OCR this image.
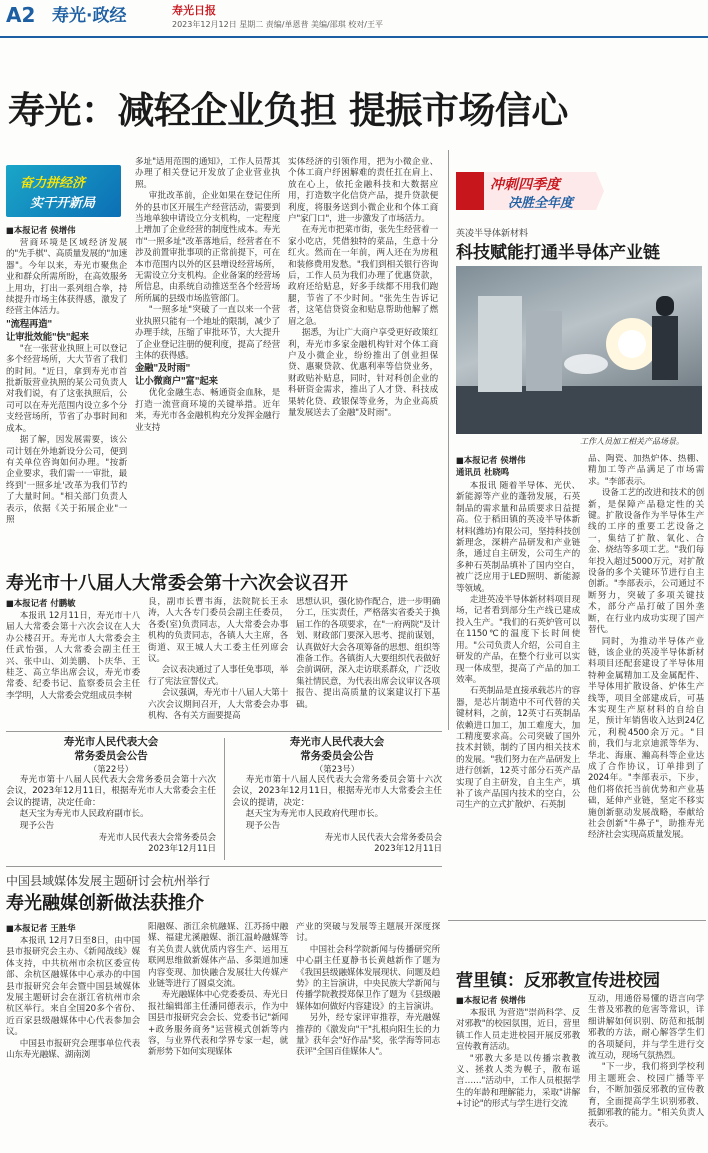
A2 寿光·政经	寿光日报
2023年12月12日 星期二 责编/单恩普 美编/邵琪 校对/王平
寿光：减轻企业负担 提振市场信心
奋力拼经济
实干开新局
■本报记者 侯增伟

营商环境是区域经济发展的"先手棋"、高质量发展的"加速器"。今年以来，寿光市聚焦企业和群众所需所盼，在高效服务上用功，打出一系列组合拳，持续提升市场主体获得感，激发了经营主体活力。

"流程再造"
让审批效能"快"起来

"在一张营业执照上可以登记多个经营场所，大大节省了我们的时间。"近日，拿到寿光市首批新版营业执照的某公司负责人对我们说，有了这张执照后，公司可以在寿光范围内设立多个分支经营场所，节省了办事时间和成本。

据了解，因发展需要，该公司计划在外地新设分公司，便到有关单位咨询如何办理。"按新企业要求，我们需一一审批，最终到'一照多址'改革为我们节约了大量时间。"相关部门负责人表示，依据《关于拓展企业"一照

多址"适用范围的通知》，工作人员帮其办理了相关登记开发放了企业营业执照。

审批改革前，企业如果在登记住所外的县市区开展生产经营活动，需要到当地单独申请设立分支机构，一定程度上增加了企业经营的制度性成本。寿光市"一照多址"改革落地后，经营者在不涉及前置审批事项的正常前提下，可在本市范围内以外的区县增设经营场所，无需设立分支机构。企业备案的经营场所信息，由系统自动推送至各个经营场所所属的县级市场监管部门。

"一照多址"突破了一直以来一个营业执照只能有一个地址的限制，减少了办理手续，压缩了审批环节，大大提升了企业登记注册的便利度，提高了经营主体的获得感。

金融"及时雨"
让小微商户"富"起来

优化金融生态、畅通资金血脉，是打造一流营商环境的关键举措。近年来，寿光市各金融机构充分发挥金融行业支持

实体经济的引领作用，把为小微企业、个体工商户纾困解难的责任扛在肩上、放在心上，依托金融科技和大数据应用，打造数字化信贷产品，提升贷款便利度，将服务送到小微企业和个体工商户"家门口"，进一步激发了市场活力。

在寿光市把菜市街，张先生经营着一家小吃店，凭借独特的菜品，生意十分红火。然而在一年前，两人还在为房租和装修费用发愁。"我们到相关银行咨询后，工作人员为我们办理了优惠贷款，政府还给贴息，好多手续都不用我们跑腿，节省了不少时间。"张先生告诉记者，这笔信贷资金和贴息帮助他解了燃眉之急。

据悉，为让广大商户享受更好政策红利，寿光市多家金融机构针对个体工商户及小微企业，纷纷推出了创业担保贷、惠聚贷款、优惠利率等信贷业务，财政贴补贴息，同时，针对科创企业的科研资金需求，推出了人才贷、科技成果转化贷、政银保等业务，为企业高质量发展送去了金融"及时雨"。

冲刺四季度
决胜全年度
英凌半导体新材料
科技赋能打通半导体产业链
工作人员加工相关产品场景。
■本报记者 侯增伟
通讯员 杜晓鸣

本报讯 随着半导体、光伏、新能源等产业的蓬勃发展，石英制品的需求量和品质要求日益提高。位于稻田镇的英凌半导体新材料(潍坊)有限公司，坚持科技创新理念，深耕产品研发和产业链条，通过自主研发，公司生产的多种石英制品填补了国内空白，被广泛应用于LED照明、新能源等领域。

走进英凌半导体新材料项目现场，记者看到部分生产线已建成投入生产。"我们的石英炉管可以在1150℃的温度下长时间使用。"公司负责人介绍，公司自主研发的产品，在整个行业可以实现一体成型，提高了产品的加工效率。

石英制品是直接承载芯片的容器，是芯片制造中不可代替的关键材料，之前，12英寸石英制品依赖进口加工，加工难度大，加工精度要求高。公司突破了国外技术封锁，制约了国内相关技术的发展。"我们努力在产品研发上进行创新，12英寸部分石英产品实现了自主研发，自主生产，填补了该产品国内技术的空白，公司生产的立式扩散炉、石英制

品、陶瓷、加热炉体、热棚、精加工等产品满足了市场需求。"李部表示。

设备工艺的改进和技术的创新，是保障产品稳定性的关键。扩散设备作为半导体生产线的工序的重要工艺设备之一，集结了扩散、氧化、合金、烧结等多项工艺。"我们每年投入超过5000万元，对扩散设备的多个关键环节进行自主创新。"李部表示，公司通过不断努力，突破了多项关键技术，部分产品打破了国外垄断，在行业内成功实现了国产替代。

同时，为推动半导体产业链，该企业的英凌半导体新材料项目还配套建设了半导体用特种金属精加工及金属配件、半导体用扩散设备、炉体生产线等，项目全部建成后，可基本实现生产原材料的自给自足，预计年销售收入达到24亿元，利税4500余万元。"目前，我们与北京迪派等华为、华北、海康、瀚高科等企业达成了合作协议，订单排到了2024年。"李部表示，下步，他们将依托当前优势和产业基础，延伸产业链，坚定不移实施创新驱动发展战略，奉献给社会创新"牛鼻子"，助推寿光经济社会实现高质量发展。

寿光市十八届人大常委会第十六次会议召开
■本报记者 付鹏敏

本报讯 12月11日，寿光市十八届人大常委会第十六次会议在人大办公楼召开。寿光市人大常委会主任武怡强，人大常委会副主任王兴、张中山、刘美鹏、卜庆华、王桂芝、高立华出席会议，寿光市委常委、纪委书记、监察委员会主任李学明，人大常委会党组成员李树

良，副市长曹韦海，法院院长王永涛，人大各专门委员会副主任委员，各委(室)负责同志，人大常委会办事机构的负责同志，各镇人大主席，各街道、双王城人大工委主任列席会议。

会议表决通过了人事任免事项，举行了宪法宣誓仪式。

会议强调，寿光市十八届人大第十六次会议期间召开，人大常委会办事机构、各有关方面要提高

思想认识，强化协作配合，进一步明确分工，压实责任，严格落实省委关于换届工作的各项要求，在"一府两院"及计划、财政部门要深入思考、提前谋划，认真做好大会各项筹备的思想、组织等准备工作。各镇街人大要组织代表做好会前调研，深入走访联系群众，广泛收集社情民意，为代表出席会议审议各项报告、提出高质量的议案建议打下基础。

寿光市人民代表大会
常务委员会公告
（第22号）

寿光市第十八届人民代表大会常务委员会第十六次会议，2023年12月11日，根据寿光市人大常委会主任会议的提请，决定任命：

赵天宝为寿光市人民政府副市长。

现予公告

寿光市人民代表大会常务委员会
2023年12月11日
寿光市人民代表大会
常务委员会公告
（第23号）

寿光市第十八届人民代表大会常务委员会第十六次会议，2023年12月11日，根据寿光市人大常委会主任会议的提请，决定：

赵天宝为寿光市人民政府代理市长。

现予公告

寿光市人民代表大会常务委员会
2023年12月11日
中国县域媒体发展主题研讨会杭州举行
寿光融媒创新做法获推介
■本报记者 王胜华

本报讯 12月7日至8日，由中国县市报研究会主办、《新闻战线》媒体支持，中共杭州市余杭区委宣传部、余杭区融媒体中心承办的中国县市报研究会年会暨中国县域媒体发展主题研讨会在浙江省杭州市余杭区举行。来自全国20多个省份、近百家县级融媒体中心代表参加会议。

中国县市报研究会理事单位代表山东寿光融媒、湖南浏

阳融媒、浙江余杭融媒、江苏扬中融媒、福建尤溪融媒、浙江温岭融媒等有关负责人就优质内容生产、运用互联网思维做新媒体产品、多渠道加速内容变现、加快融合发展壮大传媒产业链等进行了圆桌交流。

寿光融媒体中心党委委员、寿光日报社编辑部主任潘同德表示，作为中国县市报研究会会长、党委书记"新闻+政务服务商务"运营模式创新等内容，与业界代表和学界专家一起，就新形势下如何实现媒体

产业的突破与发展等主题展开深度探讨。

中国社会科学院新闻与传播研究所中心副主任夏静书长黄越新作了题为《我国县级融媒体发展现状、问题及趋势》的主旨演讲，中央民族大学新闻与传播学院教授郑保卫作了题为《县级融媒体如何做好内容建设》的主旨演讲。

另外，经专家评审推荐，寿光融媒推荐的《激发向"干"扎根向阳生长的力量》获年会"好作品"奖，张学海等同志获评"全国百佳媒体人"。

营里镇：反邪教宣传进校园
■本报记者 侯增伟

本报讯 为营造"崇尚科学、反对邪教"的校园氛围，近日，营里镇工作人员走进校园开展反邪教宣传教育活动。

"邪教大多是以传播宗教教义、拯救人类为幌子，散布谣言……"活动中，工作人员根据学生的年龄和理解能力，采取"讲解+讨论"的形式与学生进行交流

互动，用通俗易懂的语言向学生普及邪教的危害等常识，详细讲解如何识别、防范和抵制邪教的方法，耐心解答学生们的各项疑问，并与学生进行交流互动，现场气氛热烈。

"下一步，我们将到学校利用主题班会、校园广播等平台，不断加强反邪教的宣传教育，全面提高学生识别邪教、抵御邪教的能力。"相关负责人表示。
